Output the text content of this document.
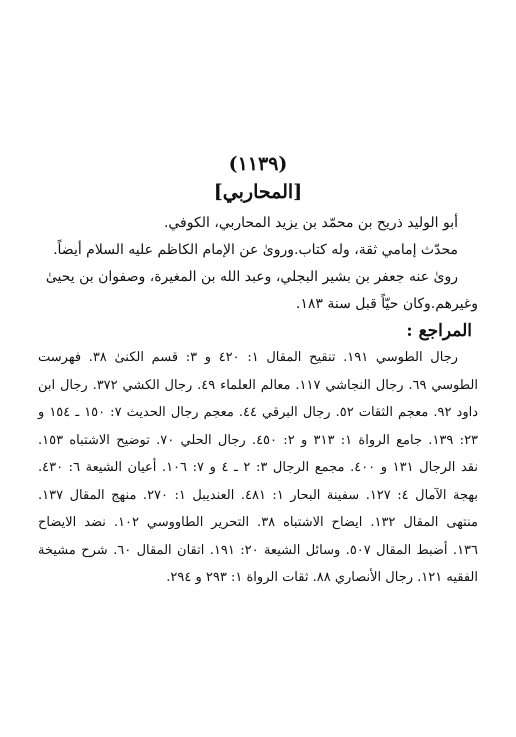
(١١٣٩)

[المحاربي]

أبو الوليد ذريح بن محمّد بن يزيد المحاربي، الكوفي.

محدّث إمامي ثقة، وله كتاب.وروىٰ عن الإمام الكاظم عليه السلام أيضاً.

روىٰ عنه جعفر بن بشير البجلي، وعبد الله بن المغيرة، وصفوان بن يحيىٰ

وغيرهم.وكان حيّاً قبل سنة ١٨٣.

المراجع :

رجال الطوسي ١٩١. تنقيح المقال ١: ٤٢٠ و ٣: قسم الكنىٰ ٣٨. فهرست

الطوسي ٦٩. رجال النجاشي ١١٧. معالم العلماء ٤٩. رجال الكشي ٣٧٢. رجال ابن

داود ٩٢. معجم الثقات ٥٢. رجال البرقي ٤٤. معجم رجال الحديث ٧: ١٥٠ ـ ١٥٤ و

٢٣: ١٣٩. جامع الرواة ١: ٣١٣ و ٢: ٤٥٠. رجال الحلي ٧٠. توضيح الاشتباه ١٥٣.

نقد الرجال ١٣١ و ٤٠٠. مجمع الرجال ٣: ٢ ـ ٤ و ٧: ١٠٦. أعيان الشيعة ٦: ٤٣٠.

بهجة الآمال ٤: ١٢٧. سفينة البحار ١: ٤٨١. العنديبل ١: ٢٧٠. منهج المقال ١٣٧.

منتهى المقال ١٣٢. ايضاح الاشتباه ٣٨. التحرير الطاووسي ١٠٢. نضد الايضاح

١٣٦. أضبط المقال ٥٠٧. وسائل الشيعة ٢٠: ١٩١. اتقان المقال ٦٠. شرح مشيخة

الفقيه ١٢١. رجال الأنصاري ٨٨. ثقات الرواة ١: ٢٩٣ و ٢٩٤.
